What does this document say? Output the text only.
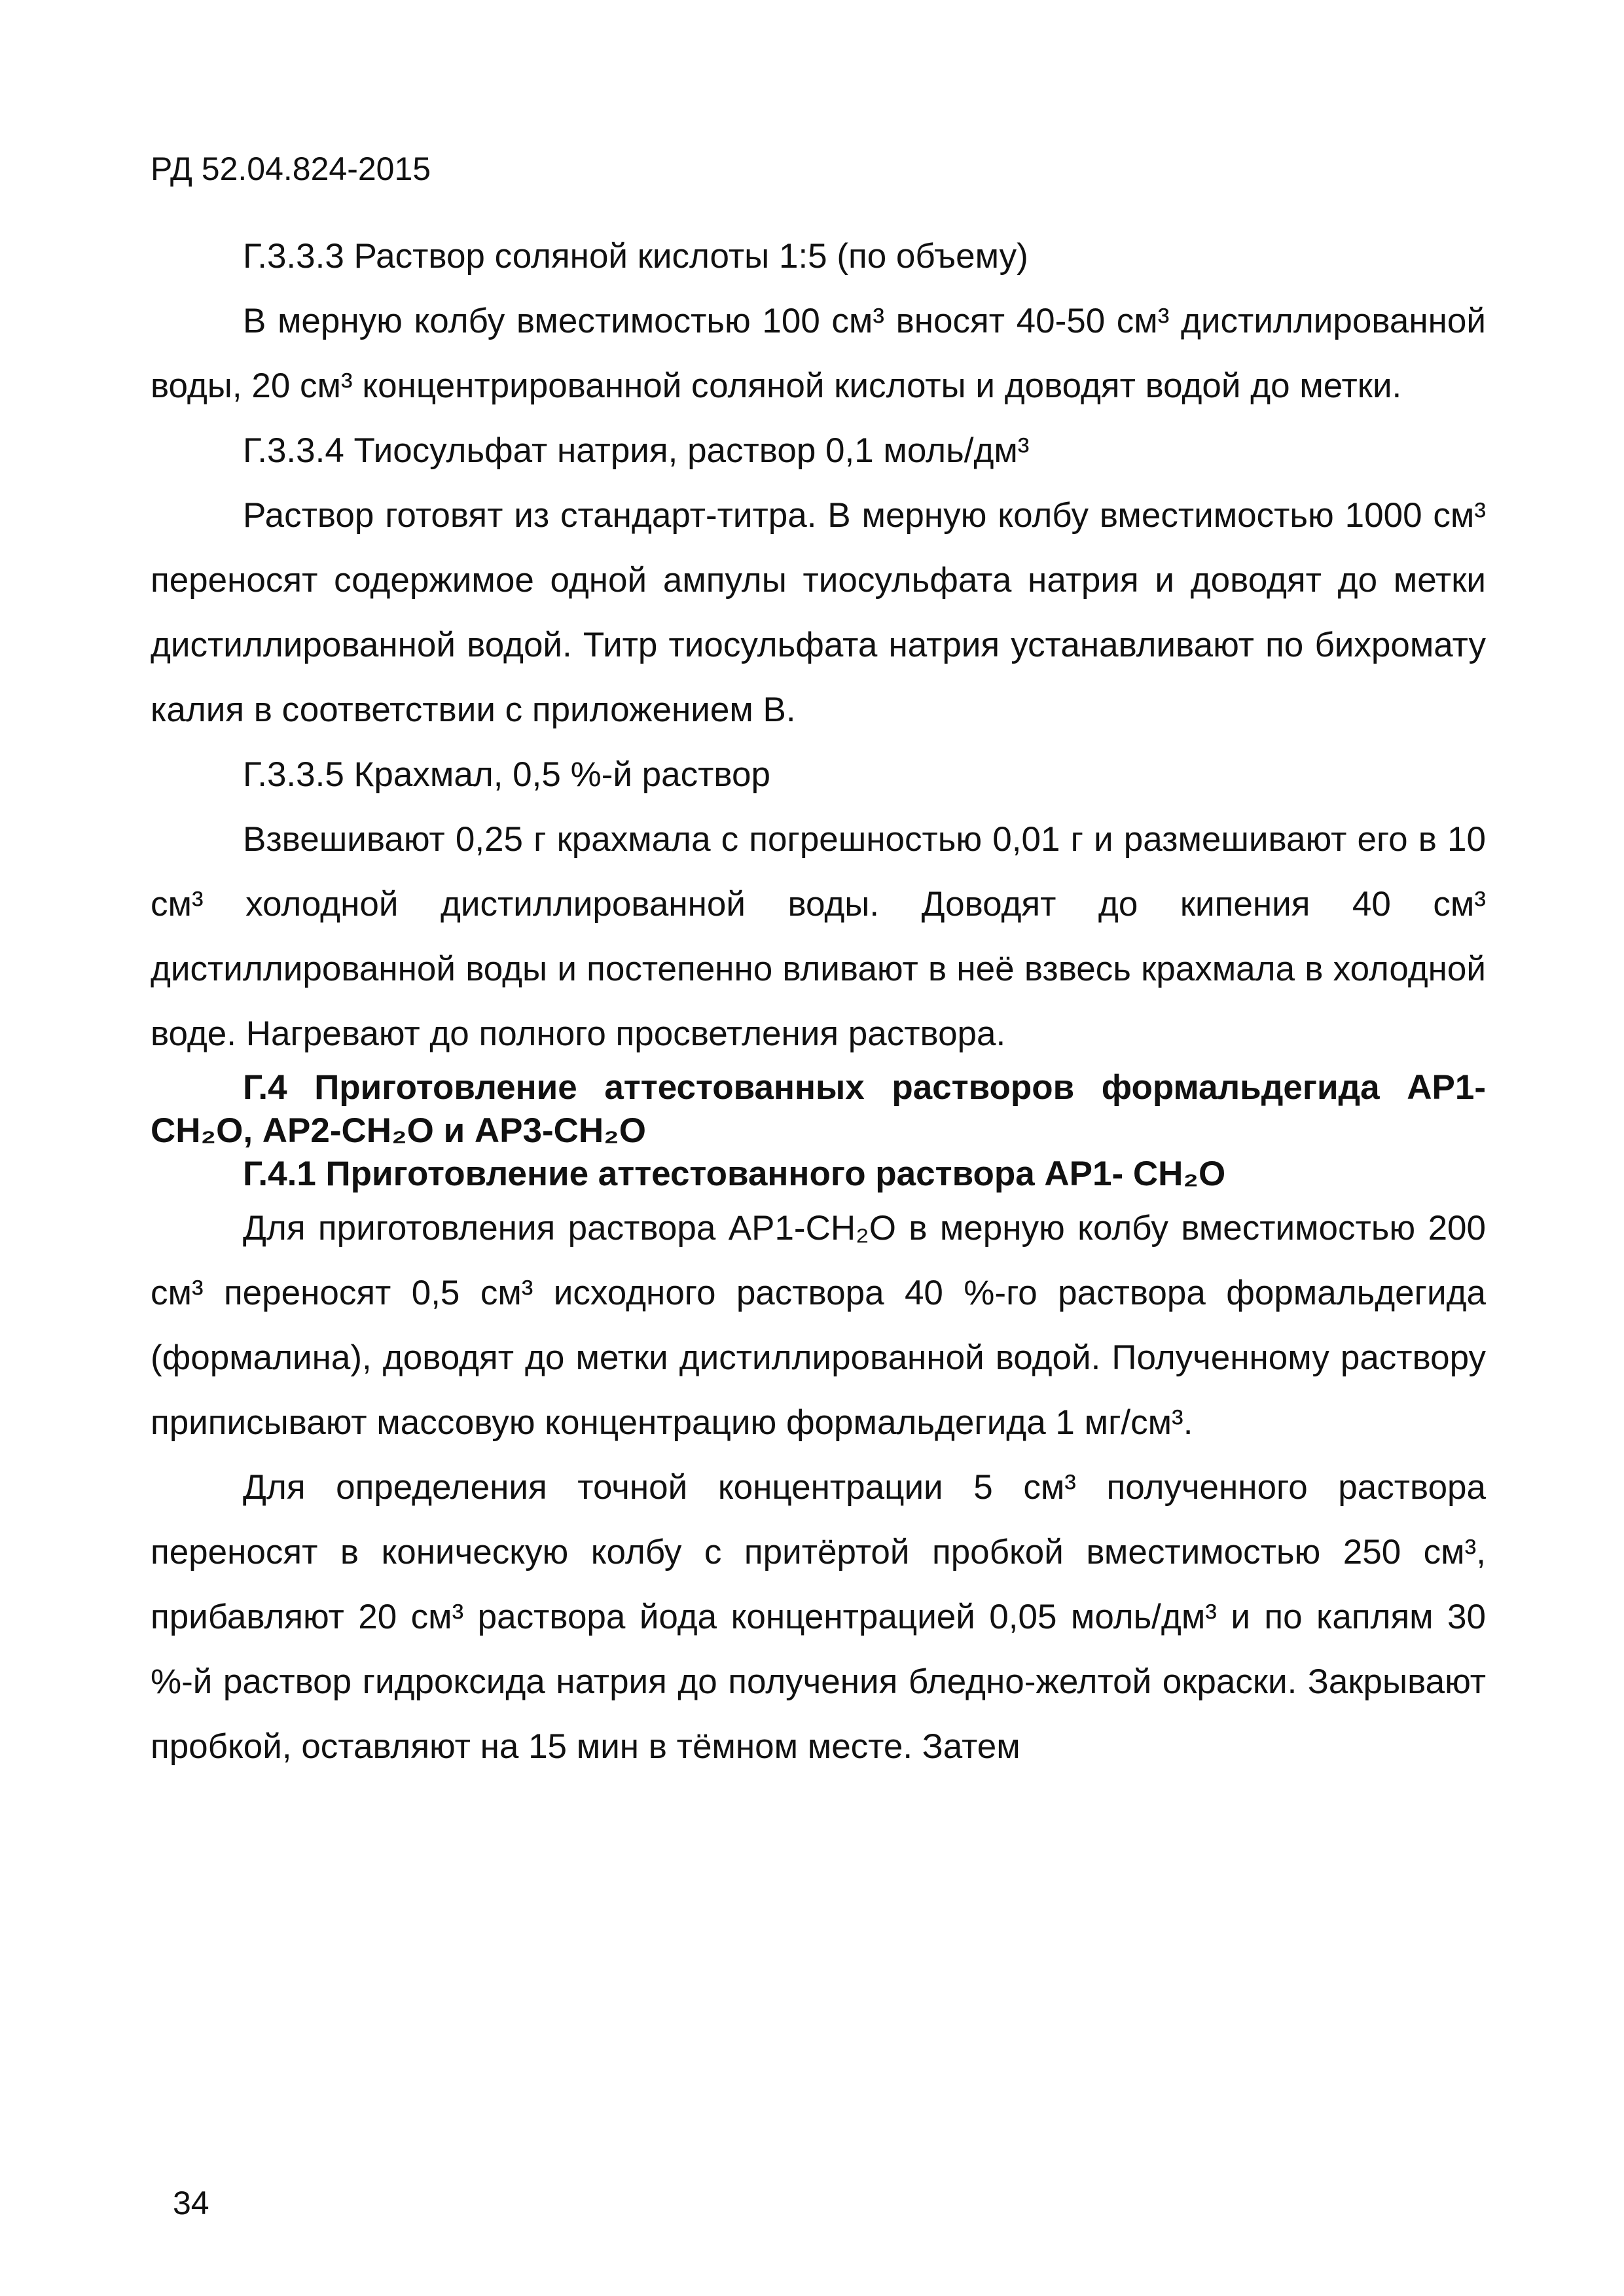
РД 52.04.824-2015

Г.3.3.3 Раствор соляной кислоты 1:5 (по объему)

В мерную колбу вместимостью 100 см³ вносят 40-50 см³ дистиллированной воды, 20 см³ концентрированной соляной кислоты и доводят водой до метки.

Г.3.3.4 Тиосульфат натрия, раствор 0,1 моль/дм³

Раствор готовят из стандарт-титра. В мерную колбу вместимостью 1000 см³ переносят содержимое одной ампулы тиосульфата натрия и доводят до метки дистиллированной водой. Титр тиосульфата натрия устанавливают по бихромату калия в соответствии с приложением В.

Г.3.3.5 Крахмал, 0,5 %-й раствор

Взвешивают 0,25 г крахмала с погрешностью 0,01 г и размешивают его в 10 см³ холодной дистиллированной воды. Доводят до кипения 40 см³ дистиллированной воды и постепенно вливают в неё взвесь крахмала в холодной воде. Нагревают до полного просветления раствора.

Г.4 Приготовление аттестованных растворов формальдегида АР1-CH₂O, АР2-CH₂O и АР3-CH₂O

Г.4.1 Приготовление аттестованного раствора АР1- CH₂O

Для приготовления раствора АР1-CH₂O в мерную колбу вместимостью 200 см³ переносят 0,5 см³ исходного раствора 40 %-го раствора формальдегида (формалина), доводят до метки дистиллированной водой. Полученному раствору приписывают массовую концентрацию формальдегида 1 мг/см³.

Для определения точной концентрации 5 см³ полученного раствора переносят в коническую колбу с притёртой пробкой вместимостью 250 см³, прибавляют 20 см³ раствора йода концентрацией 0,05 моль/дм³ и по каплям 30 %-й раствор гидроксида натрия до получения бледно-желтой окраски. Закрывают пробкой, оставляют на 15 мин в тёмном месте. Затем

34
